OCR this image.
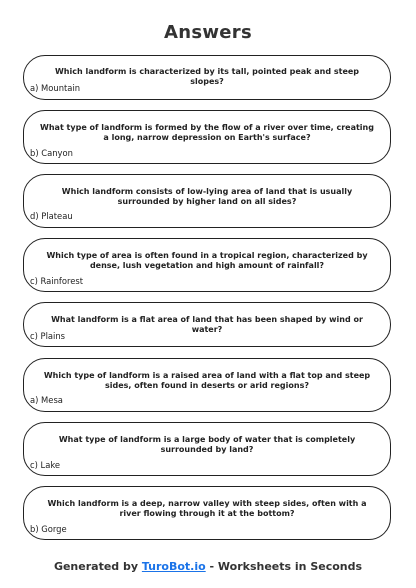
Answers
Which landform is characterized by its tall, pointed peak and steep slopes?
a) Mountain
What type of landform is formed by the flow of a river over time, creating a long, narrow depression on Earth's surface?
b) Canyon
Which landform consists of low-lying area of land that is usually surrounded by higher land on all sides?
d) Plateau
Which type of area is often found in a tropical region, characterized by dense, lush vegetation and high amount of rainfall?
c) Rainforest
What landform is a flat area of land that has been shaped by wind or water?
c) Plains
Which type of landform is a raised area of land with a flat top and steep sides, often found in deserts or arid regions?
a) Mesa
What type of landform is a large body of water that is completely surrounded by land?
c) Lake
Which landform is a deep, narrow valley with steep sides, often with a river flowing through it at the bottom?
b) Gorge
Generated by TuroBot.io - Worksheets in Seconds
